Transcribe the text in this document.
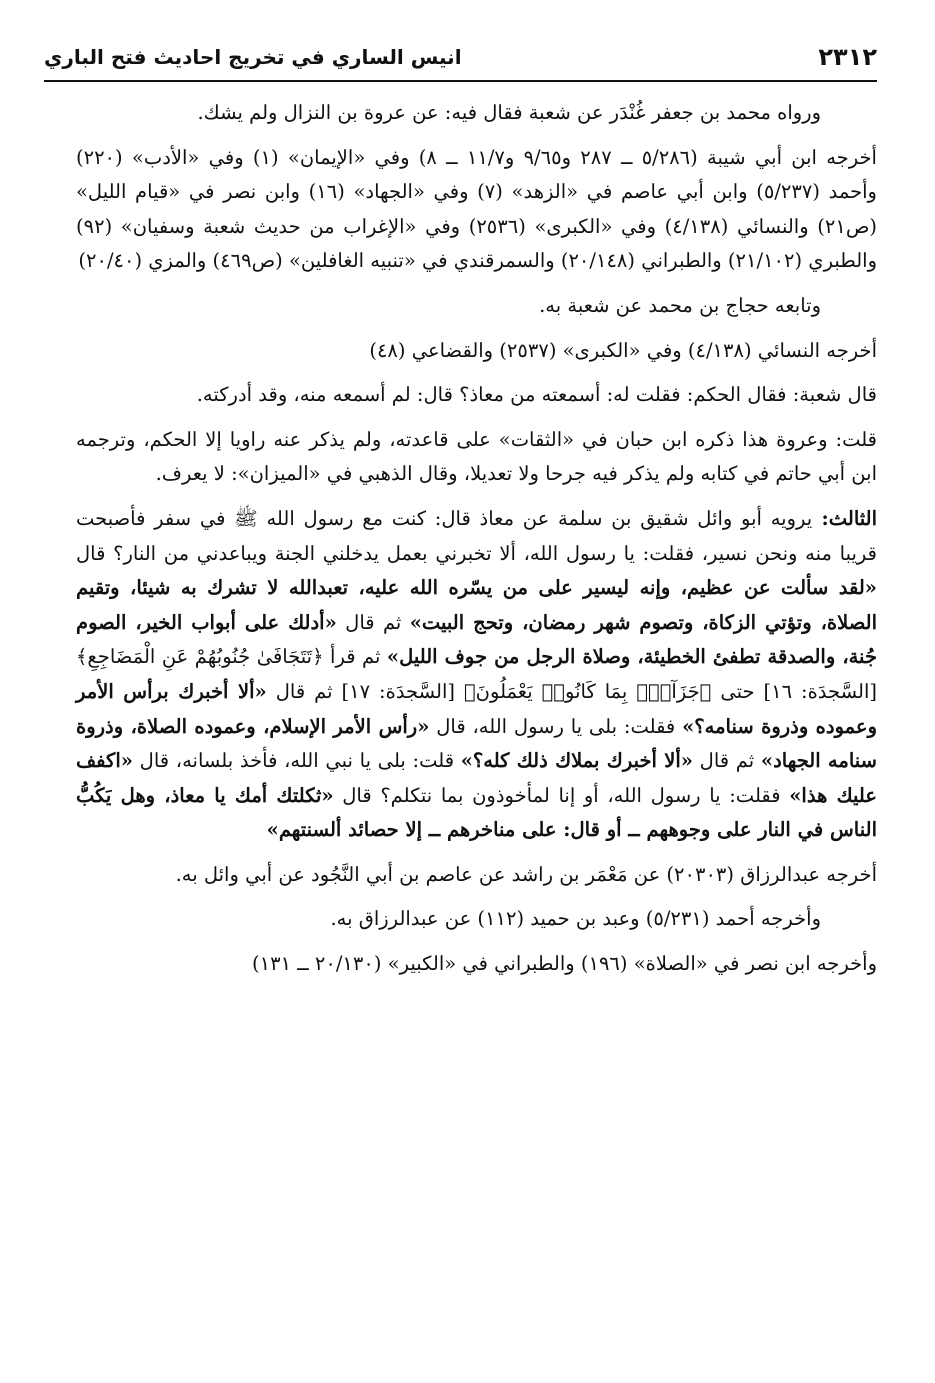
٢٣١٢
انيس الساري في تخريج احاديث فتح الباري

ورواه محمد بن جعفر غُنْدَر عن شعبة فقال فيه: عن عروة بن النزال ولم يشك.

أخرجه ابن أبي شيبة (٥/٢٨٦ ــ ٢٨٧ و٩/٦٥ و١١/٧ ــ ٨) وفي «الإيمان» (١) وفي «الأدب» (٢٢٠) وأحمد (٥/٢٣٧) وابن أبي عاصم في «الزهد» (٧) وفي «الجهاد» (١٦) وابن نصر في «قيام الليل» (ص٢١) والنسائي (٤/١٣٨) وفي «الكبرى» (٢٥٣٦) وفي «الإغراب من حديث شعبة وسفيان» (٩٢) والطبري (٢١/١٠٢) والطبراني (٢٠/١٤٨) والسمرقندي في «تنبيه الغافلين» (ص٤٦٩) والمزي (٢٠/٤٠)

وتابعه حجاج بن محمد عن شعبة به.

أخرجه النسائي (٤/١٣٨) وفي «الكبرى» (٢٥٣٧) والقضاعي (٤٨)

قال شعبة: فقال الحكم: فقلت له: أسمعته من معاذ؟ قال: لم أسمعه منه، وقد أدركته.

قلت: وعروة هذا ذكره ابن حبان في «الثقات» على قاعدته، ولم يذكر عنه راويا إلا الحكم، وترجمه ابن أبي حاتم في كتابه ولم يذكر فيه جرحا ولا تعديلا، وقال الذهبي في «الميزان»: لا يعرف.

الثالث: يرويه أبو وائل شقيق بن سلمة عن معاذ قال: كنت مع رسول الله ﷺ في سفر فأصبحت قريبا منه ونحن نسير، فقلت: يا رسول الله، ألا تخبرني بعمل يدخلني الجنة ويباعدني من النار؟ قال «لقد سألت عن عظيم، وإنه ليسير على من يسّره الله عليه، تعبدالله لا تشرك به شيئا، وتقيم الصلاة، وتؤتي الزكاة، وتصوم شهر رمضان، وتحج البيت» ثم قال «أدلك على أبواب الخير، الصوم جُنة، والصدقة تطفئ الخطيئة، وصلاة الرجل من جوف الليل» ثم قرأ ﴿تَتَجَافَىٰ جُنُوبُهُمْ عَنِ الْمَضَاجِعِ﴾ [السَّجدَة: ١٦] حتى ﴿جَزَآءَۢ بِمَا كَانُوا۟ يَعْمَلُونَ﴾ [السَّجدَة: ١٧] ثم قال «ألا أخبرك برأس الأمر وعموده وذروة سنامه؟» فقلت: بلى يا رسول الله، قال «رأس الأمر الإسلام، وعموده الصلاة، وذروة سنامه الجهاد» ثم قال «ألا أخبرك بملاك ذلك كله؟» قلت: بلى يا نبي الله، فأخذ بلسانه، قال «اكفف عليك هذا» فقلت: يا رسول الله، أو إنا لمأخوذون بما نتكلم؟ قال «ثكلتك أمك يا معاذ، وهل يَكُبُّ الناس في النار على وجوههم ــ أو قال: على مناخرهم ــ إلا حصائد ألسنتهم»

أخرجه عبدالرزاق (٢٠٣٠٣) عن مَعْمَر بن راشد عن عاصم بن أبي النَّجُود عن أبي وائل به.

وأخرجه أحمد (٥/٢٣١) وعبد بن حميد (١١٢) عن عبدالرزاق به.

وأخرجه ابن نصر في «الصلاة» (١٩٦) والطبراني في «الكبير» (٢٠/١٣٠ ــ ١٣١)
